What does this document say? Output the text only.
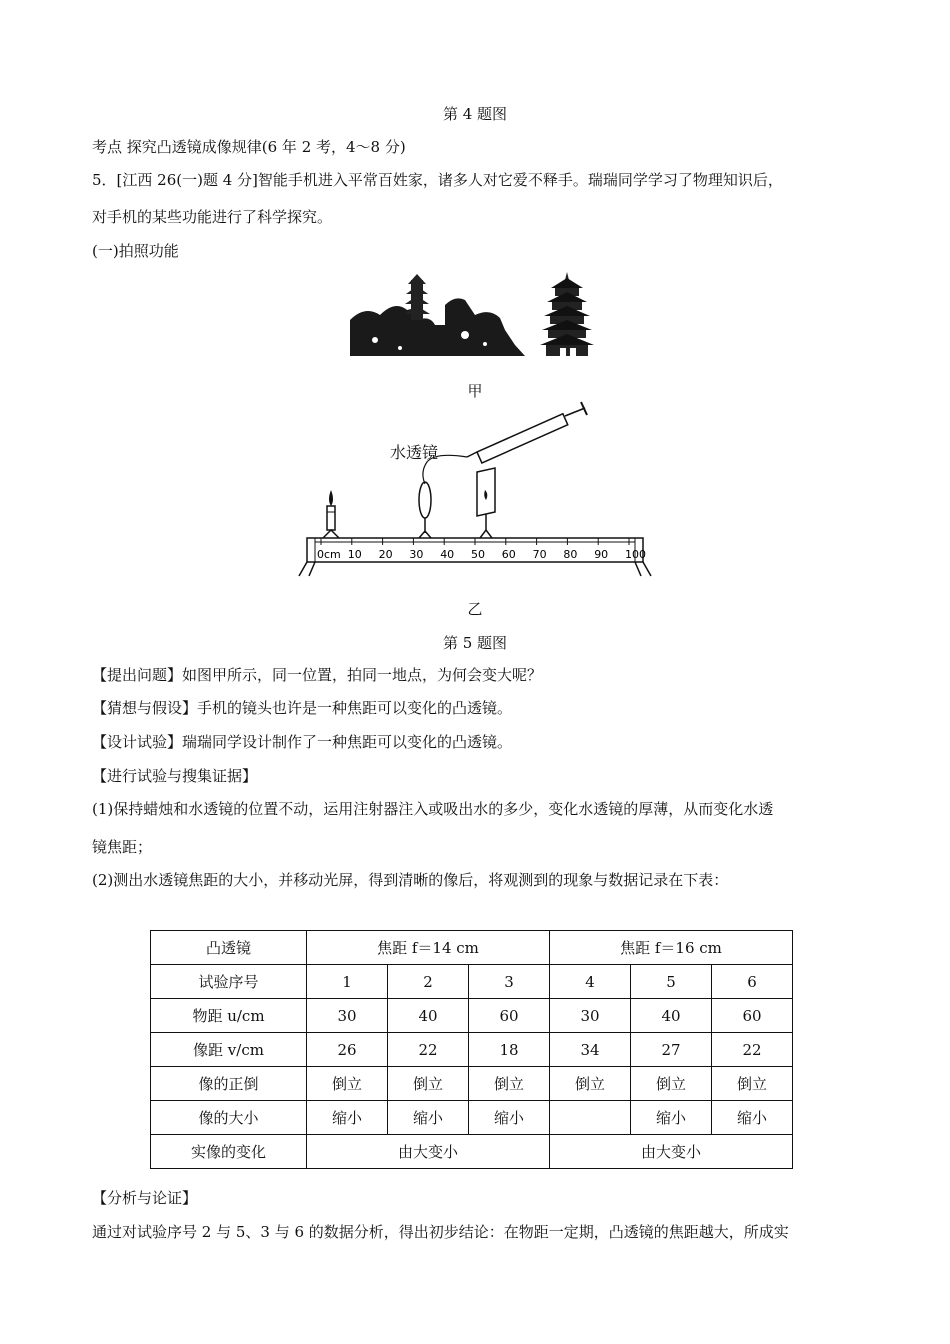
第 4 题图
考点 探究凸透镜成像规律(6 年 2 考，4～8 分)
5．[江西 26(一)题 4 分]智能手机进入平常百姓家，诸多人对它爱不释手。瑞瑞同学学习了物理知识后，
对手机的某些功能进行了科学探究。
(一)拍照功能
甲
0cm 10 20 30 40 50 60 70 80 90 100
水透镜
乙
第 5 题图
【提出问题】如图甲所示，同一位置，拍同一地点，为何会变大呢？
【猜想与假设】手机的镜头也许是一种焦距可以变化的凸透镜。
【设计试验】瑞瑞同学设计制作了一种焦距可以变化的凸透镜。
【进行试验与搜集证据】
(1)保持蜡烛和水透镜的位置不动，运用注射器注入或吸出水的多少，变化水透镜的厚薄，从而变化水透
镜焦距；
(2)测出水透镜焦距的大小，并移动光屏，得到清晰的像后，将观测到的现象与数据记录在下表：
凸透镜	焦距 f＝14 cm			焦距 f＝16 cm		
试验序号	1	2	3	4	5	6
物距 u/cm	30	40	60	30	40	60
像距 v/cm	26	22	18	34	27	22
像的正倒	倒立	倒立	倒立	倒立	倒立	倒立
像的大小	缩小	缩小	缩小		缩小	缩小
实像的变化	由大变小			由大变小		
【分析与论证】
通过对试验序号 2 与 5、3 与 6 的数据分析，得出初步结论：在物距一定期，凸透镜的焦距越大，所成实
